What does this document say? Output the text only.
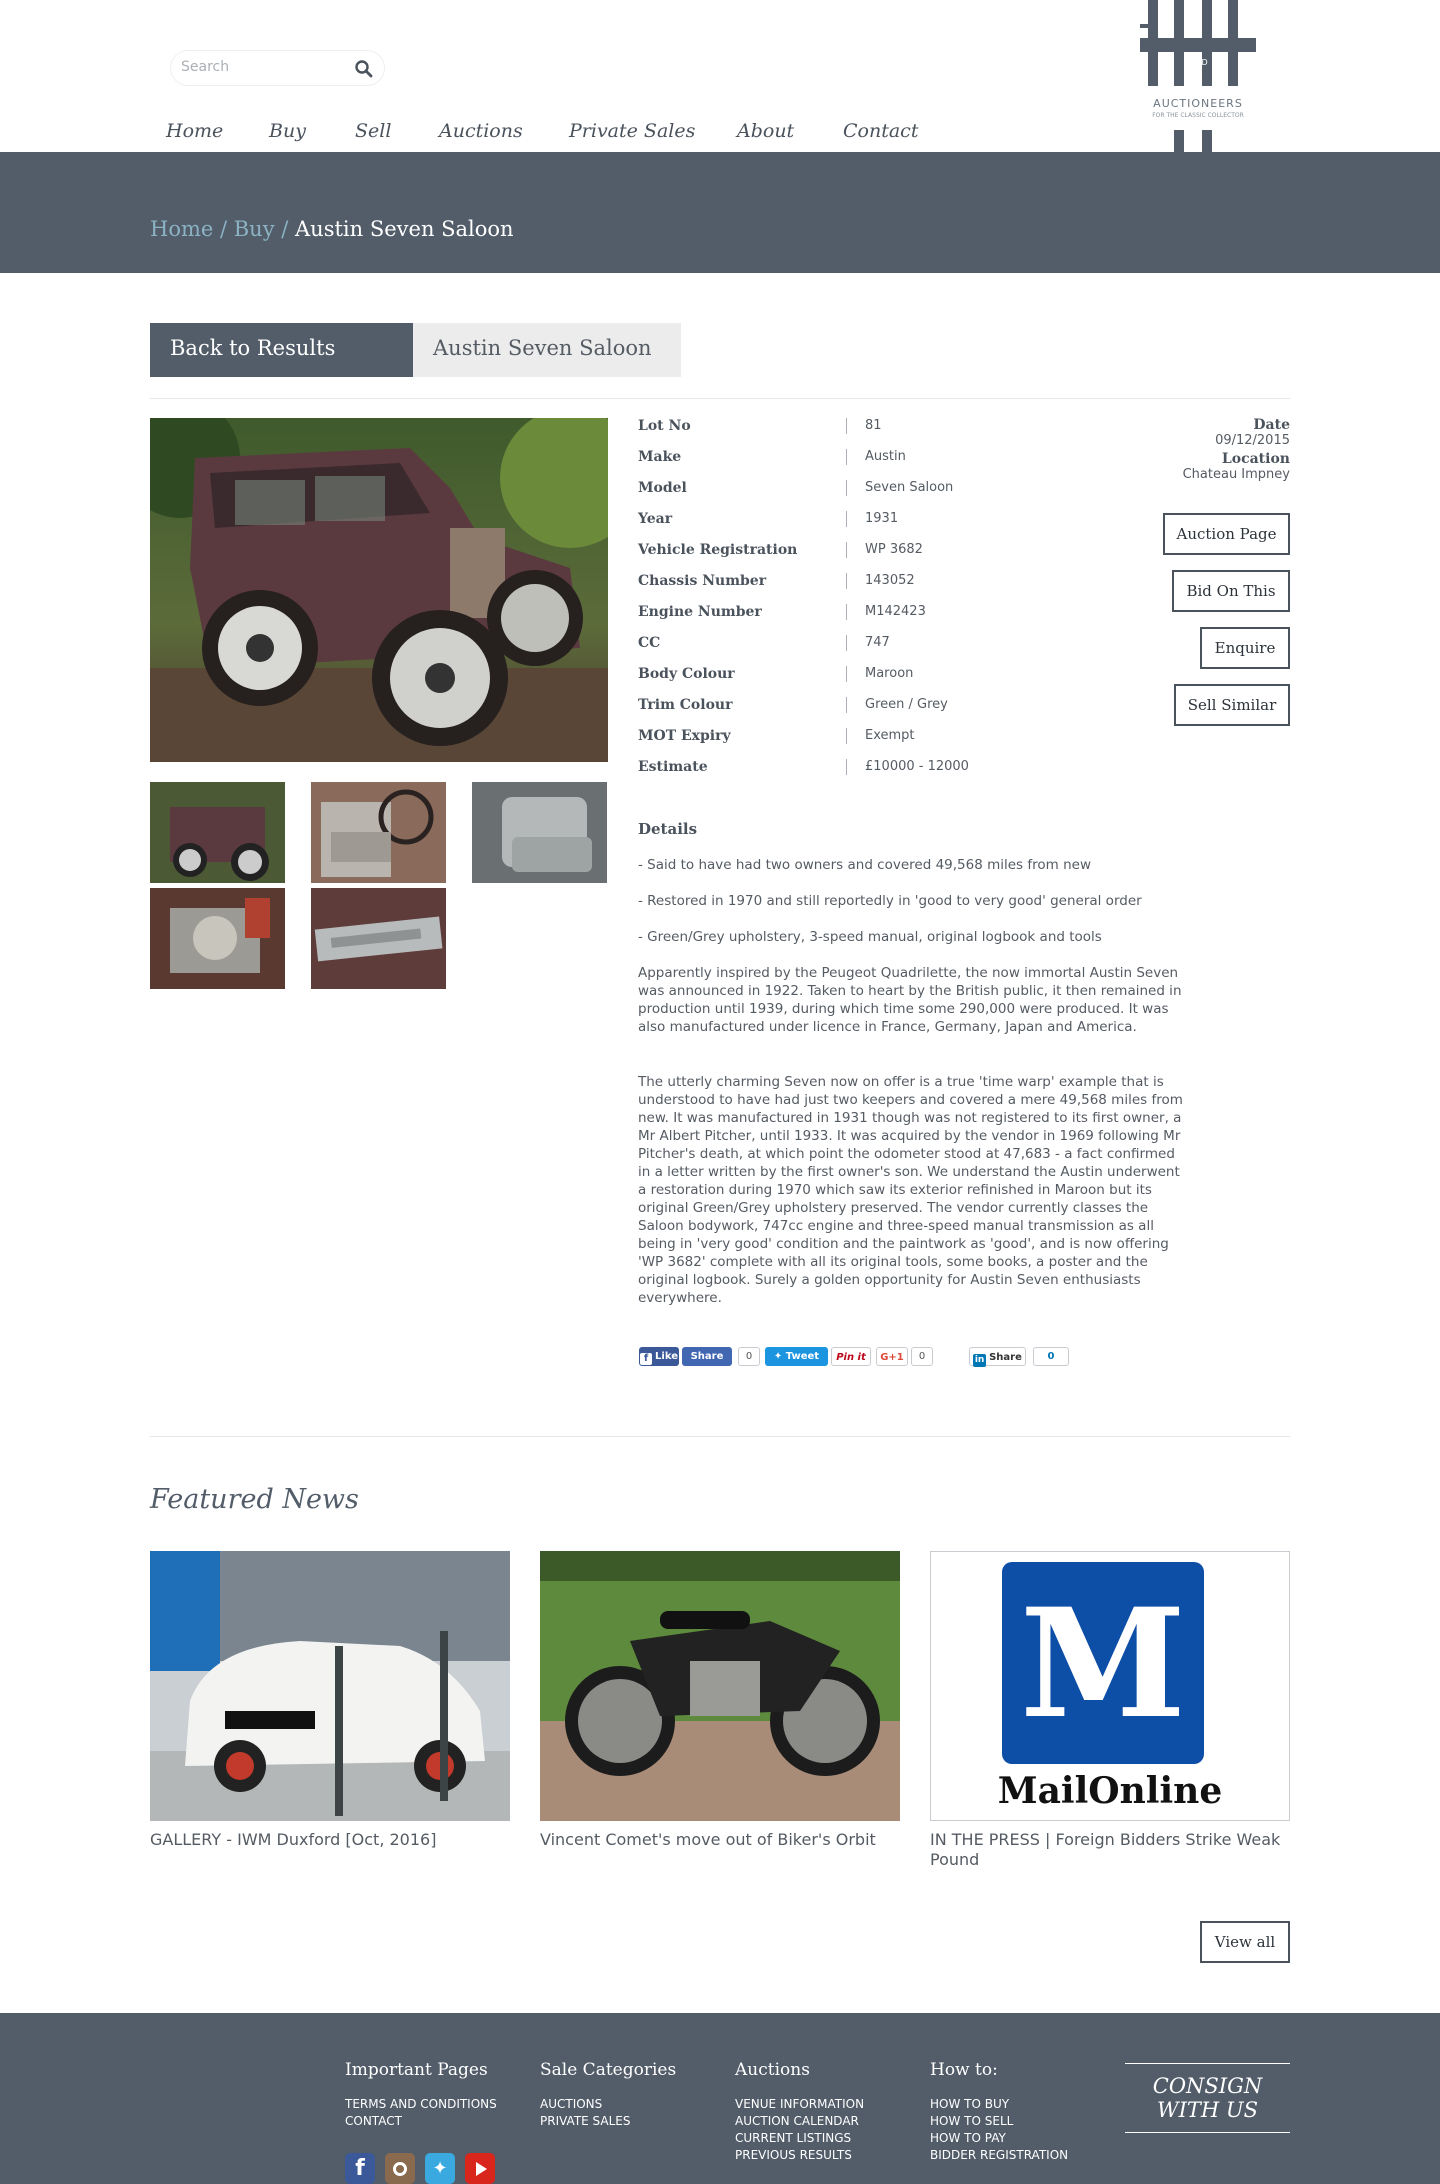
Search
Home Buy	Sell	Auctions Private Sales About	Contact
AND
AUCTIONEERS
FOR THE CLASSIC COLLECTOR
Home / Buy / Austin Seven Saloon
Back to Results	Austin Seven Saloon
Lot No	81
Make	Austin
Model	Seven Saloon
Year	1931
Vehicle Registration	WP 3682
Chassis Number	143052
Engine Number	M142423
CC	747
Body Colour	Maroon
Trim Colour	Green / Grey
MOT Expiry	Exempt
Estimate	£10000 - 12000
Date
09/12/2015
Location
Chateau Impney
Auction Page
Bid On This
Enquire
Sell Similar
Details
- Said to have had two owners and covered 49,568 miles from new
- Restored in 1970 and still reportedly in 'good to very good' general order
- Green/Grey upholstery, 3-speed manual, original logbook and tools

Apparently inspired by the Peugeot Quadrilette, the now immortal Austin Seven was announced in 1922. Taken to heart by the British public, it then remained in production until 1939, during which time some 290,000 were produced. It was also manufactured under licence in France, Germany, Japan and America.

The utterly charming Seven now on offer is a true 'time warp' example that is understood to have had just two keepers and covered a mere 49,568 miles from new. It was manufactured in 1931 though was not registered to its first owner, a Mr Albert Pitcher, until 1933. It was acquired by the vendor in 1969 following Mr Pitcher's death, at which point the odometer stood at 47,683 - a fact confirmed in a letter written by the first owner's son. We understand the Austin underwent a restoration during 1970 which saw its exterior refinished in Maroon but its original Green/Grey upholstery preserved. The vendor currently classes the Saloon bodywork, 747cc engine and three-speed manual transmission as all being in 'very good' condition and the paintwork as 'good', and is now offering 'WP 3682' complete with all its original tools, some books, a poster and the original logbook. Surely a golden opportunity for Austin Seven enthusiasts everywhere.

f Like	Share	0	✦ Tweet	Pin it	G+1	0	in Share	0
Featured News
GALLERY - IWM Duxford [Oct, 2016]	Vincent Comet's move out of Biker's Orbit
M
MailOnline
IN THE PRESS | Foreign Bidders Strike Weak Pound
View all
Important Pages
TERMS AND CONDITIONS
CONTACT
Sale Categories
AUCTIONS
PRIVATE SALES
Auctions
VENUE INFORMATION
AUCTION CALENDAR
CURRENT LISTINGS
PREVIOUS RESULTS
How to:
HOW TO BUY
HOW TO SELL
HOW TO PAY
BIDDER REGISTRATION
CONSIGN WITH US
f	✦
